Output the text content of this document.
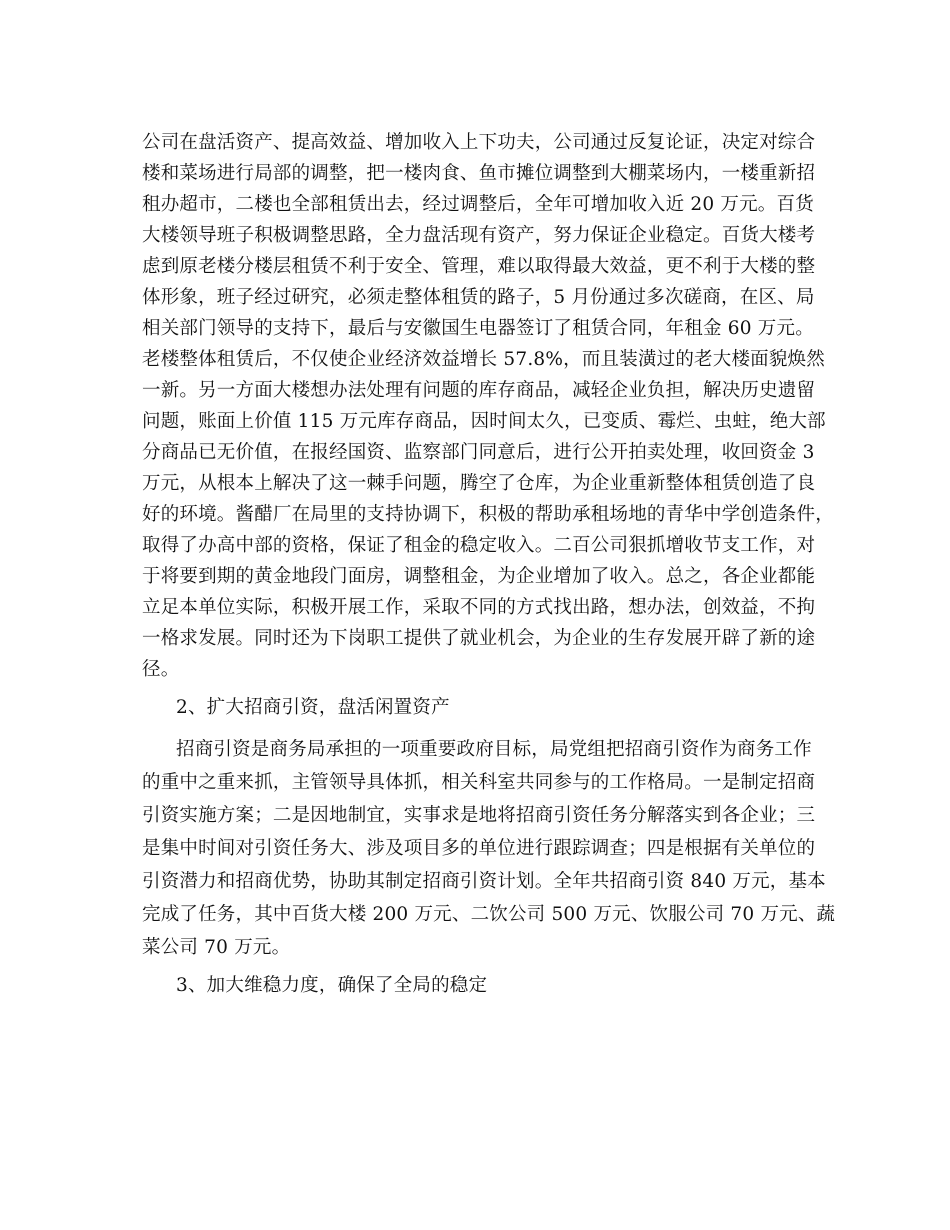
公司在盘活资产、提高效益、增加收入上下功夫，公司通过反复论证，决定对综合
楼和菜场进行局部的调整，把一楼肉食、鱼市摊位调整到大棚菜场内，一楼重新招
租办超市，二楼也全部租赁出去，经过调整后，全年可增加收入近 20 万元。百货
大楼领导班子积极调整思路，全力盘活现有资产，努力保证企业稳定。百货大楼考
虑到原老楼分楼层租赁不利于安全、管理，难以取得最大效益，更不利于大楼的整
体形象，班子经过研究，必须走整体租赁的路子，5 月份通过多次磋商，在区、局
相关部门领导的支持下，最后与安徽国生电器签订了租赁合同，年租金 60 万元。
老楼整体租赁后，不仅使企业经济效益增长 57.8%，而且装潢过的老大楼面貌焕然
一新。另一方面大楼想办法处理有问题的库存商品，减轻企业负担，解决历史遗留
问题，账面上价值 115 万元库存商品，因时间太久，已变质、霉烂、虫蛀，绝大部
分商品已无价值，在报经国资、监察部门同意后，进行公开拍卖处理，收回资金 3
万元，从根本上解决了这一棘手问题，腾空了仓库，为企业重新整体租赁创造了良
好的环境。酱醋厂在局里的支持协调下，积极的帮助承租场地的青华中学创造条件，
取得了办高中部的资格，保证了租金的稳定收入。二百公司狠抓增收节支工作，对
于将要到期的黄金地段门面房，调整租金，为企业增加了收入。总之，各企业都能
立足本单位实际，积极开展工作，采取不同的方式找出路，想办法，创效益，不拘
一格求发展。同时还为下岗职工提供了就业机会，为企业的生存发展开辟了新的途
径。
2、扩大招商引资，盘活闲置资产
招商引资是商务局承担的一项重要政府目标，局党组把招商引资作为商务工作
的重中之重来抓，主管领导具体抓，相关科室共同参与的工作格局。一是制定招商
引资实施方案；二是因地制宜，实事求是地将招商引资任务分解落实到各企业；三
是集中时间对引资任务大、涉及项目多的单位进行跟踪调查；四是根据有关单位的
引资潜力和招商优势，协助其制定招商引资计划。全年共招商引资 840 万元，基本
完成了任务，其中百货大楼 200 万元、二饮公司 500 万元、饮服公司 70 万元、蔬
菜公司 70 万元。
3、加大维稳力度，确保了全局的稳定
